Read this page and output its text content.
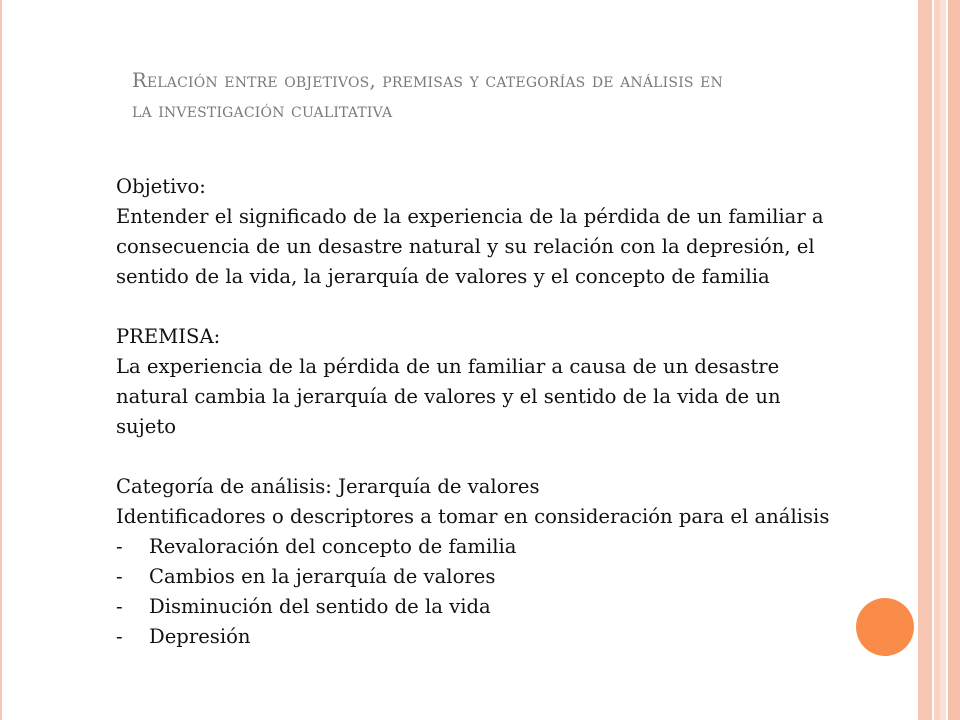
Relación entre objetivos, premisas y categorías de análisis en
la investigación cualitativa

Objetivo:

Entender el significado de la experiencia de la pérdida de un familiar a

consecuencia de un desastre natural y su relación con la depresión, el

sentido de la vida, la jerarquía de valores y el concepto de familia

PREMISA:

La experiencia de la pérdida de un familiar a causa de un desastre

natural cambia la jerarquía de valores y el sentido de la vida de un

sujeto

Categoría de análisis: Jerarquía de valores

Identificadores o descriptores a tomar en consideración para el análisis

- Revaloración del concepto de familia
- Cambios en la jerarquía de valores
- Disminución del sentido de la vida
- Depresión
